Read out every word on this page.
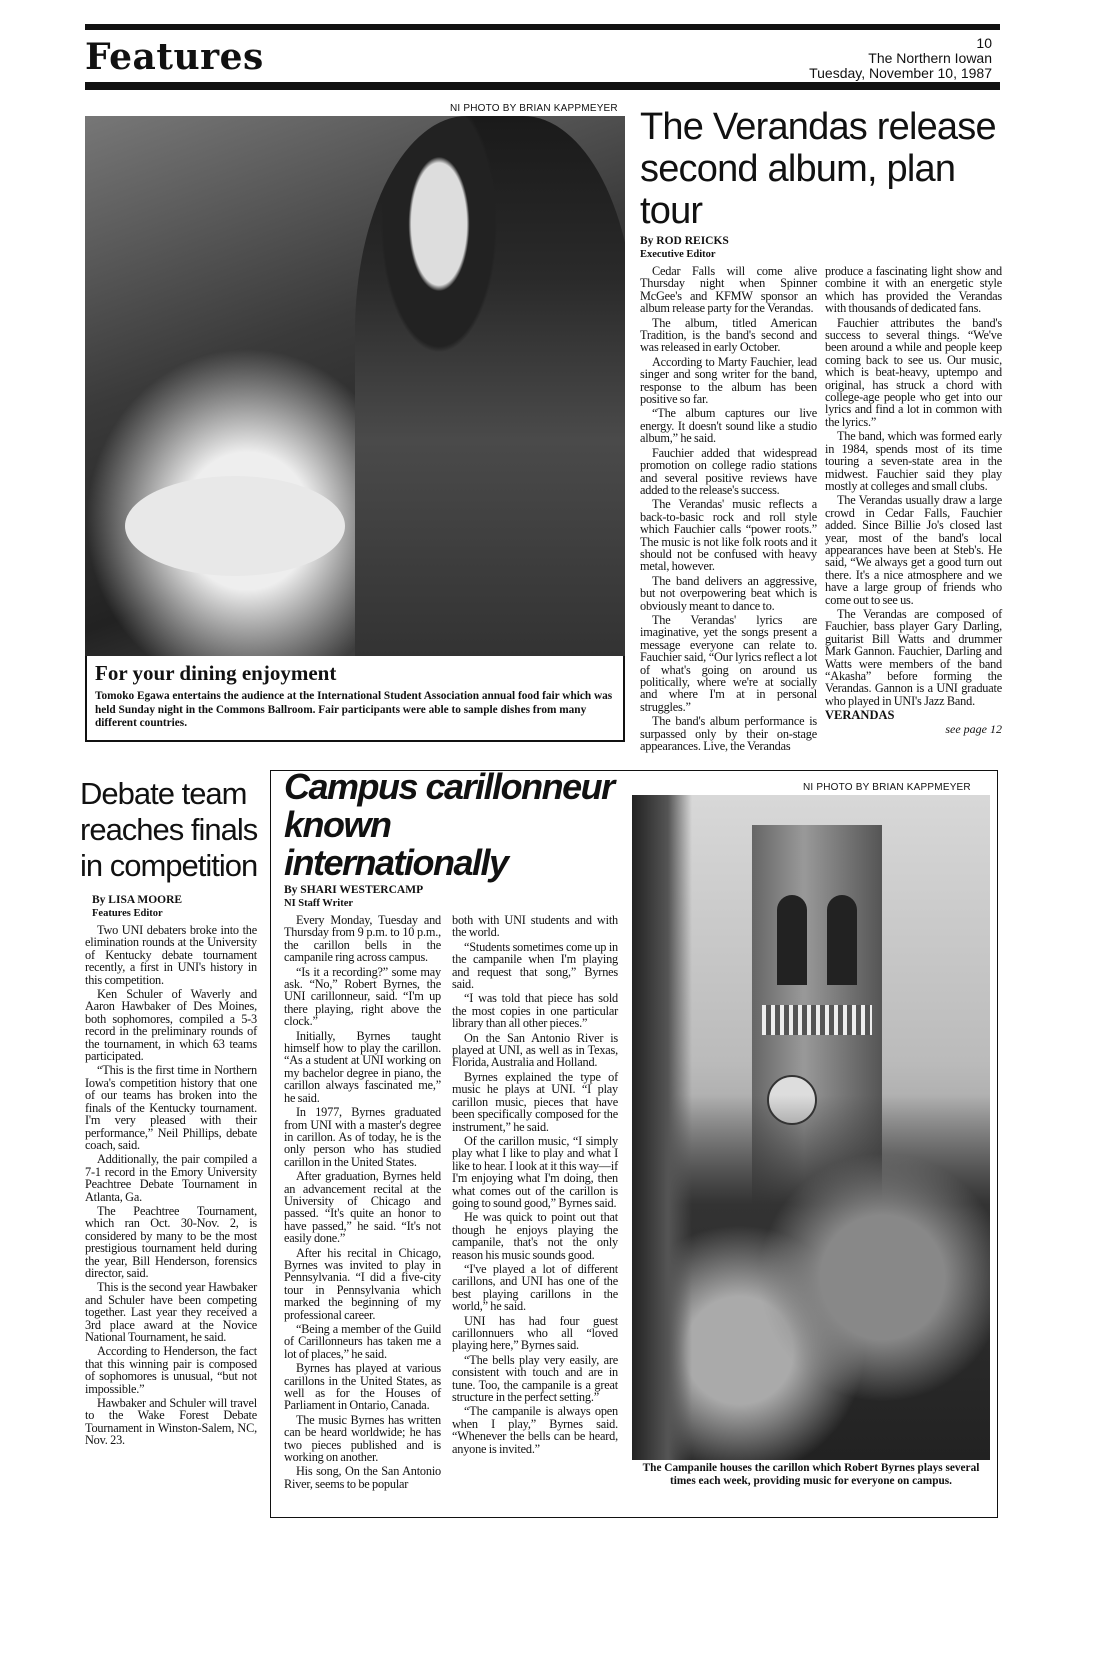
Features	10
The Northern Iowan
Tuesday, November 10, 1987
NI PHOTO BY BRIAN KAPPMEYER
For your dining enjoyment
Tomoko Egawa entertains the audience at the International Student Association annual food fair which was held Sunday night in the Commons Ballroom. Fair participants were able to sample dishes from many different countries.
The Verandas release second album, plan tour
By ROD REICKS
Executive Editor

Cedar Falls will come alive Thursday night when Spinner McGee's and KFMW sponsor an album release party for the Verandas.

The album, titled American Tradition, is the band's second and was released in early October.

According to Marty Fauchier, lead singer and song writer for the band, response to the album has been positive so far.

“The album captures our live energy. It doesn't sound like a studio album,” he said.

Fauchier added that widespread promotion on college radio stations and several positive reviews have added to the release's success.

The Verandas' music reflects a back-to-basic rock and roll style which Fauchier calls “power roots.” The music is not like folk roots and it should not be confused with heavy metal, however.

The band delivers an aggressive, but not overpowering beat which is obviously meant to dance to.

The Verandas' lyrics are imaginative, yet the songs present a message everyone can relate to. Fauchier said, “Our lyrics reflect a lot of what's going on around us politically, where we're at socially and where I'm at in personal struggles.”

The band's album performance is surpassed only by their on-stage appearances. Live, the Verandas

produce a fascinating light show and combine it with an energetic style which has provided the Verandas with thousands of dedicated fans.

Fauchier attributes the band's success to several things. “We've been around a while and people keep coming back to see us. Our music, which is beat-heavy, uptempo and original, has struck a chord with college-age people who get into our lyrics and find a lot in common with the lyrics.”

The band, which was formed early in 1984, spends most of its time touring a seven-state area in the midwest. Fauchier said they play mostly at colleges and small clubs.

The Verandas usually draw a large crowd in Cedar Falls, Fauchier added. Since Billie Jo's closed last year, most of the band's local appearances have been at Steb's. He said, “We always get a good turn out there. It's a nice atmosphere and we have a large group of friends who come out to see us.

The Verandas are composed of Fauchier, bass player Gary Darling, guitarist Bill Watts and drummer Mark Gannon. Fauchier, Darling and Watts were members of the band “Akasha” before forming the Verandas. Gannon is a UNI graduate who played in UNI's Jazz Band.

VERANDAS
see page 12
Debate team reaches finals in competition
By LISA MOORE
Features Editor

Two UNI debaters broke into the elimination rounds at the University of Kentucky debate tournament recently, a first in UNI's history in this competition.

Ken Schuler of Waverly and Aaron Hawbaker of Des Moines, both sophomores, compiled a 5-3 record in the preliminary rounds of the tournament, in which 63 teams participated.

“This is the first time in Northern Iowa's competition history that one of our teams has broken into the finals of the Kentucky tournament. I'm very pleased with their performance,” Neil Phillips, debate coach, said.

Additionally, the pair compiled a 7-1 record in the Emory University Peachtree Debate Tournament in Atlanta, Ga.

The Peachtree Tournament, which ran Oct. 30-Nov. 2, is considered by many to be the most prestigious tournament held during the year, Bill Henderson, forensics director, said.

This is the second year Hawbaker and Schuler have been competing together. Last year they received a 3rd place award at the Novice National Tournament, he said.

According to Henderson, the fact that this winning pair is composed of sophomores is unusual, “but not impossible.”

Hawbaker and Schuler will travel to the Wake Forest Debate Tournament in Winston-Salem, NC, Nov. 23.

Campus carillonneur known internationally
By SHARI WESTERCAMP
NI Staff Writer

Every Monday, Tuesday and Thursday from 9 p.m. to 10 p.m., the carillon bells in the campanile ring across campus.

“Is it a recording?” some may ask. “No,” Robert Byrnes, the UNI carillonneur, said. “I'm up there playing, right above the clock.”

Initially, Byrnes taught himself how to play the carillon. “As a student at UNI working on my bachelor degree in piano, the carillon always fascinated me,” he said.

In 1977, Byrnes graduated from UNI with a master's degree in carillon. As of today, he is the only person who has studied carillon in the United States.

After graduation, Byrnes held an advancement recital at the University of Chicago and passed. “It's quite an honor to have passed,” he said. “It's not easily done.”

After his recital in Chicago, Byrnes was invited to play in Pennsylvania. “I did a five-city tour in Pennsylvania which marked the beginning of my professional career.

“Being a member of the Guild of Carillonneurs has taken me a lot of places,” he said.

Byrnes has played at various carillons in the United States, as well as for the Houses of Parliament in Ontario, Canada.

The music Byrnes has written can be heard worldwide; he has two pieces published and is working on another.

His song, On the San Antonio River, seems to be popular

both with UNI students and with the world.

“Students sometimes come up in the campanile when I'm playing and request that song,” Byrnes said.

“I was told that piece has sold the most copies in one particular library than all other pieces.”

On the San Antonio River is played at UNI, as well as in Texas, Florida, Australia and Holland.

Byrnes explained the type of music he plays at UNI. “I play carillon music, pieces that have been specifically composed for the instrument,” he said.

Of the carillon music, “I simply play what I like to play and what I like to hear. I look at it this way—if I'm enjoying what I'm doing, then what comes out of the carillon is going to sound good,” Byrnes said.

He was quick to point out that though he enjoys playing the campanile, that's not the only reason his music sounds good.

“I've played a lot of different carillons, and UNI has one of the best playing carillons in the world,” he said.

UNI has had four guest carillonnuers who all “loved playing here,” Byrnes said.

“The bells play very easily, are consistent with touch and are in tune. Too, the campanile is a great structure in the perfect setting.”

“The campanile is always open when I play,” Byrnes said. “Whenever the bells can be heard, anyone is invited.”

NI PHOTO BY BRIAN KAPPMEYER
The Campanile houses the carillon which Robert Byrnes plays several times each week, providing music for everyone on campus.
